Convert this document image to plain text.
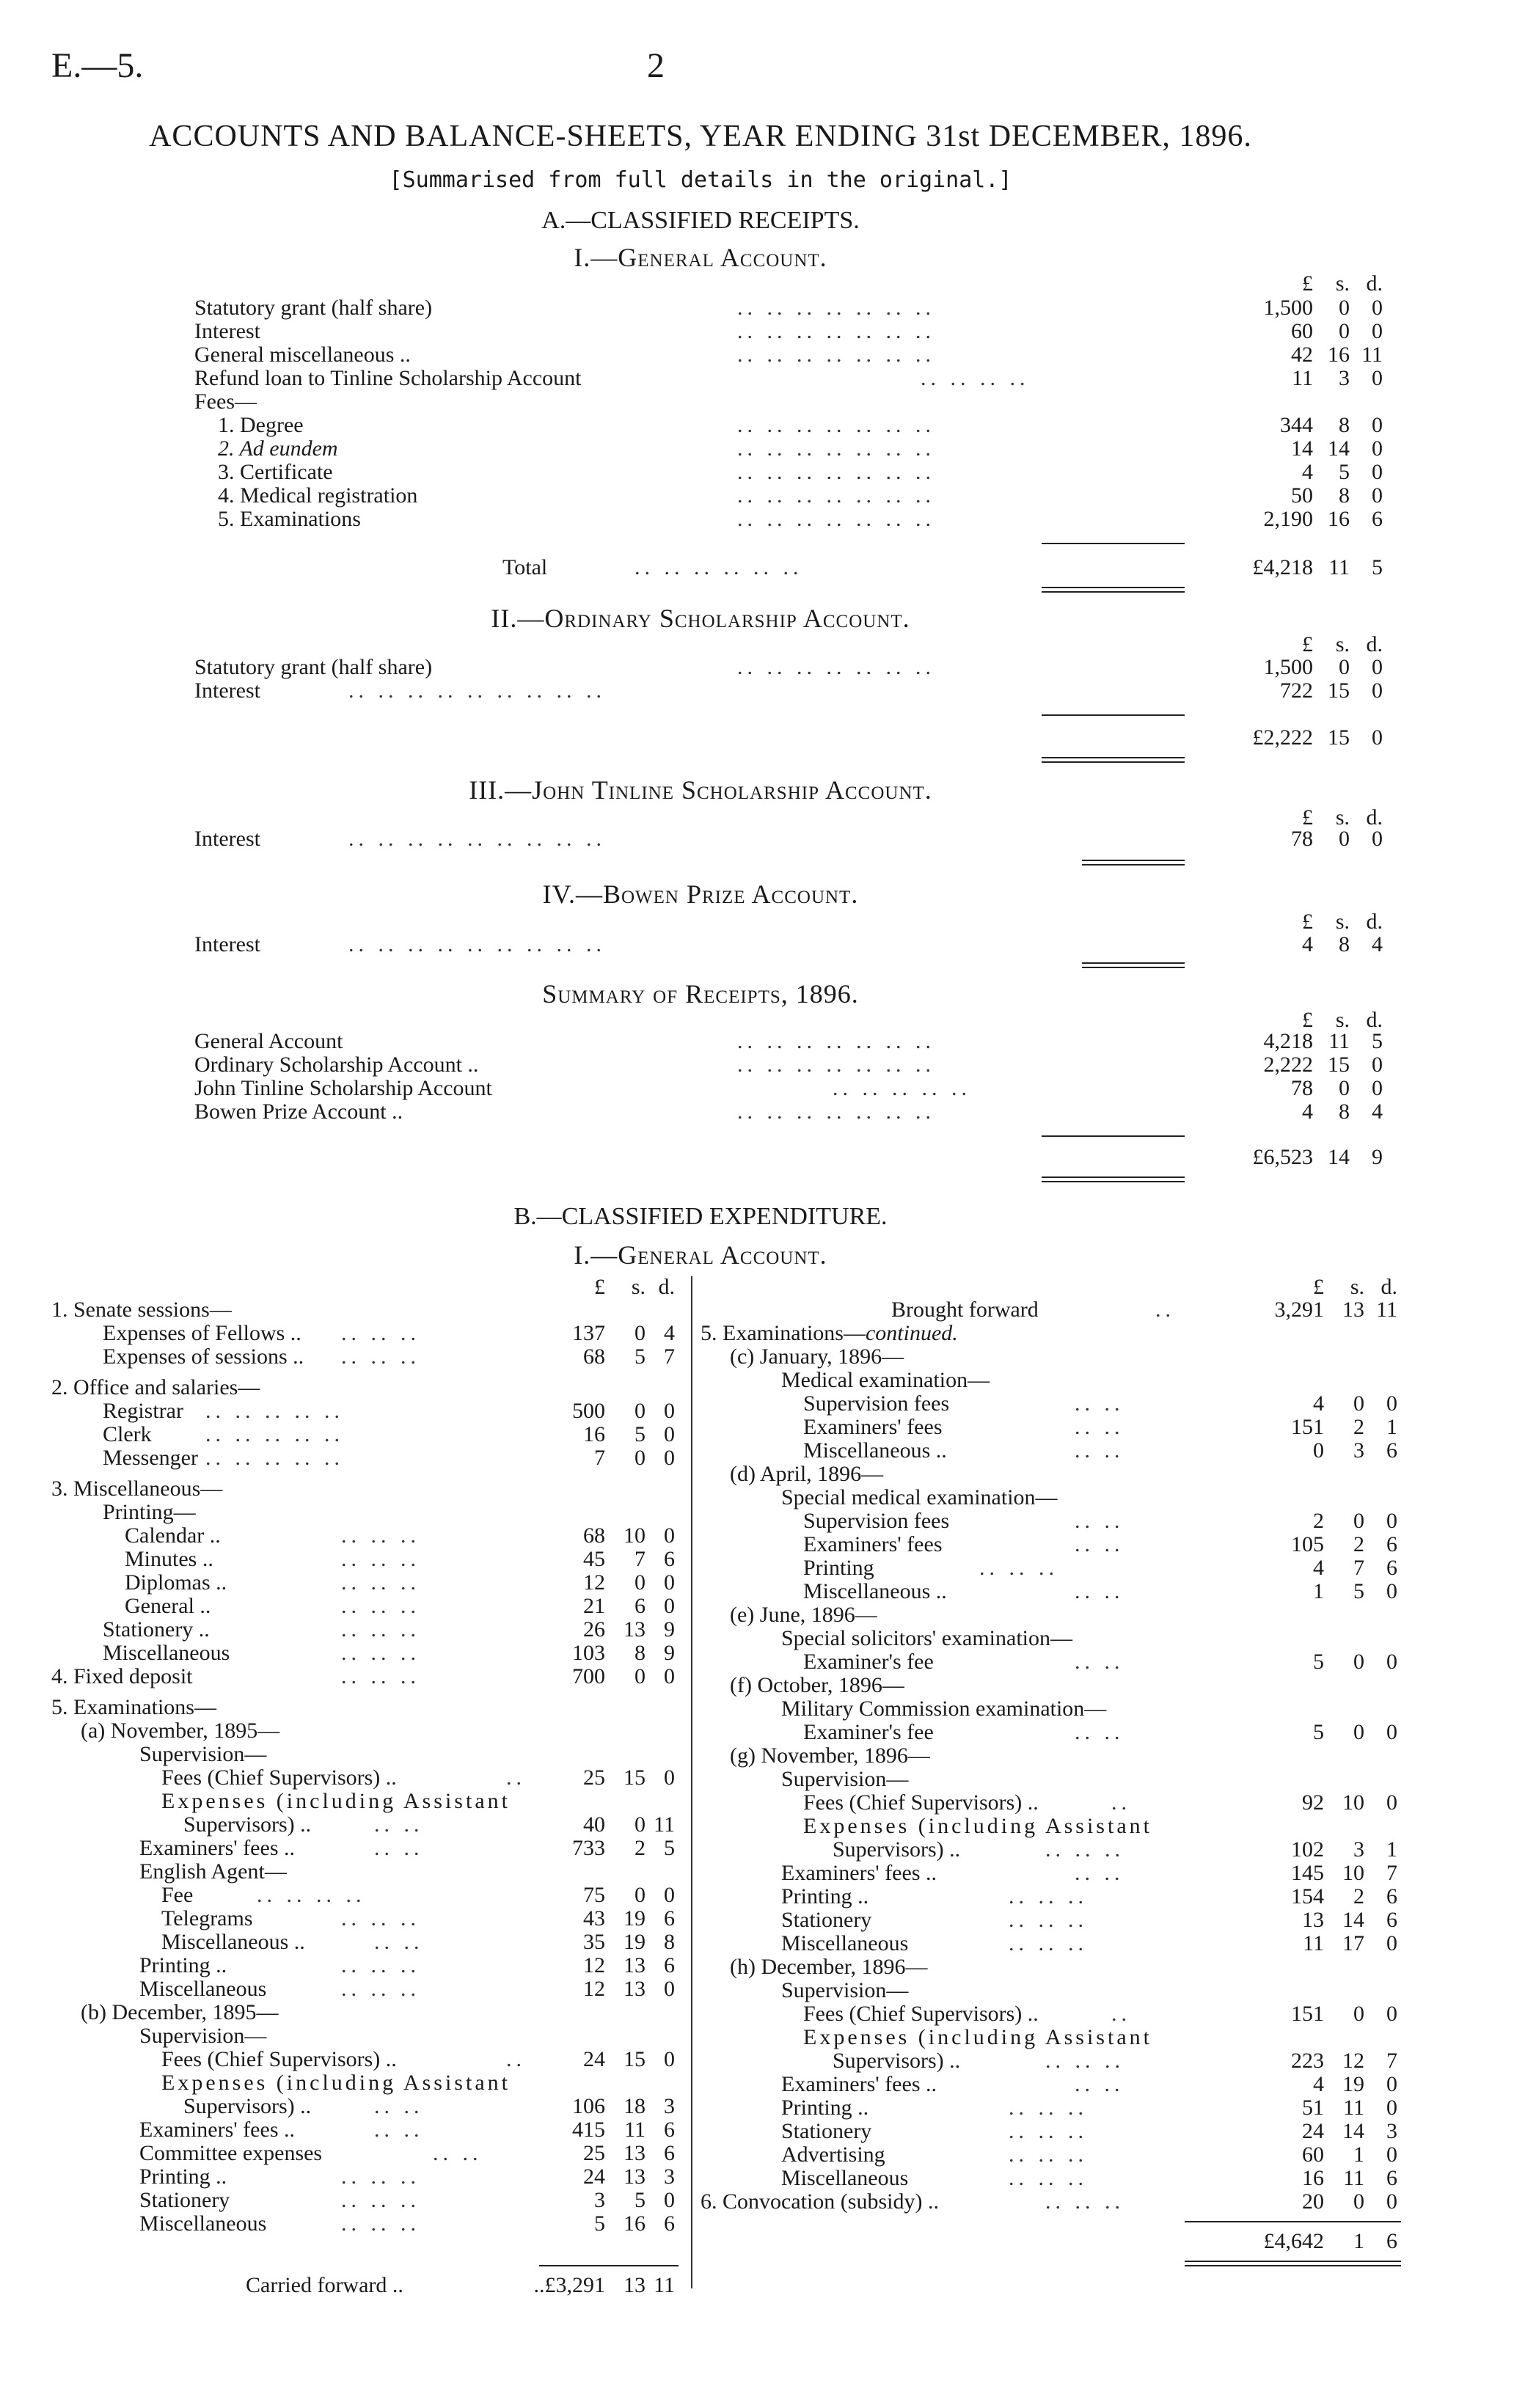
E.—5.	2
ACCOUNTS AND BALANCE-SHEETS, YEAR ENDING 31st DECEMBER, 1896.
[Summarised from full details in the original.]
A.—CLASSIFIED RECEIPTS.
I.—General Account.
£	s. d.
Statutory grant (half share)	.. .. .. .. .. .. ..	1,500	0	0
Interest	.. .. .. .. .. .. ..	60	0	0
General miscellaneous ..	.. .. .. .. .. .. ..	42 16 11
Refund loan to Tinline Scholarship Account	.. .. .. ..	11	3	0
Fees—
1. Degree	.. .. .. .. .. .. ..	344	8	0
2. Ad eundem	.. .. .. .. .. .. ..	14 14	0
3. Certificate	.. .. .. .. .. .. ..	4	5	0
4. Medical registration	.. .. .. .. .. .. ..	50	8	0
5. Examinations	.. .. .. .. .. .. ..	2,190 16	6
Total	.. .. .. .. .. ..	£4,218 11	5
II.—Ordinary Scholarship Account.
£	s. d.
Statutory grant (half share)	.. .. .. .. .. .. ..	1,500	0	0
Interest	.. .. .. .. .. .. .. .. ..	722 15	0
£2,222 15	0
III.—John Tinline Scholarship Account.
£	s. d.
Interest	.. .. .. .. .. .. .. .. ..	78	0	0
IV.—Bowen Prize Account.
£	s. d.
Interest	.. .. .. .. .. .. .. .. ..	4	8	4
Summary of Receipts, 1896.
£	s. d.
General Account	.. .. .. .. .. .. ..	4,218 11	5
Ordinary Scholarship Account ..	.. .. .. .. .. .. ..	2,222 15	0
John Tinline Scholarship Account	.. .. .. .. ..	78	0	0
Bowen Prize Account ..	.. .. .. .. .. .. ..	4	8	4
£6,523 14	9
B.—CLASSIFIED EXPENDITURE.
I.—General Account.
£	s. d.	£	s. d.
1. Senate sessions—
Expenses of Fellows .. .. .. ..	137	0 4
Expenses of sessions .. .. .. ..	68	5 7
2. Office and salaries—
Registrar .. .. .. .. ..	500	0 0
Clerk .. .. .. .. ..	16	5 0
Messenger .. .. .. .. ..	7	0 0
3. Miscellaneous—
Printing—
Calendar ..	.. .. ..	68 10 0
Minutes ..	.. .. ..	45	7 6
Diplomas ..	.. .. ..	12	0 0
General ..	.. .. ..	21	6 0
Stationery ..	.. .. ..	26 13 9
Miscellaneous	.. .. ..	103	8 9
4. Fixed deposit	.. .. ..	700	0 0
5. Examinations—
(a) November, 1895—
Supervision—
Fees (Chief Supervisors) ..	..	25 15 0
Expenses (including Assistant
Supervisors) ..	.. ..	40	0 11
Examiners' fees ..	.. ..	733	2 5
English Agent—
Fee	.. .. .. ..	75	0 0
Telegrams	.. .. ..	43 19 6
Miscellaneous ..	.. ..	35 19 8
Printing ..	.. .. ..	12 13 6
Miscellaneous	.. .. ..	12 13 0
(b) December, 1895—
Supervision—
Fees (Chief Supervisors) ..	..	24 15 0
Expenses (including Assistant
Supervisors) ..	.. ..	106 18 3
Examiners' fees ..	.. ..	415 11 6
Committee expenses	.. ..	25 13 6
Printing ..	.. .. ..	24 13 3
Stationery	.. .. ..	3	5 0
Miscellaneous	.. .. ..	5 16 6
Carried forward ..	..£3,291 13 11
Brought forward	..	3,291 13 11
5. Examinations—continued.
(c) January, 1896—
Medical examination—
Supervision fees	.. ..	4	0	0
Examiners' fees	.. ..	151	2	1
Miscellaneous ..	.. ..	0	3	6
(d) April, 1896—
Special medical examination—
Supervision fees	.. ..	2	0	0
Examiners' fees	.. ..	105	2	6
Printing	.. .. ..	4	7	6
Miscellaneous ..	.. ..	1	5	0
(e) June, 1896—
Special solicitors' examination—
Examiner's fee	.. ..	5	0	0
(f) October, 1896—
Military Commission examination—
Examiner's fee	.. ..	5	0	0
(g) November, 1896—
Supervision—
Fees (Chief Supervisors) ..	..	92 10	0
Expenses (including Assistant
Supervisors) ..	.. .. ..	102	3	1
Examiners' fees ..	.. ..	145 10	7
Printing ..	.. .. ..	154	2	6
Stationery	.. .. ..	13 14	6
Miscellaneous	.. .. ..	11 17	0
(h) December, 1896—
Supervision—
Fees (Chief Supervisors) ..	..	151	0	0
Expenses (including Assistant
Supervisors) ..	.. .. ..	223 12	7
Examiners' fees ..	.. ..	4 19	0
Printing ..	.. .. ..	51 11	0
Stationery	.. .. ..	24 14	3
Advertising	.. .. ..	60	1	0
Miscellaneous	.. .. ..	16 11	6
6. Convocation (subsidy) ..	.. .. ..	20	0	0
£4,642	1	6
